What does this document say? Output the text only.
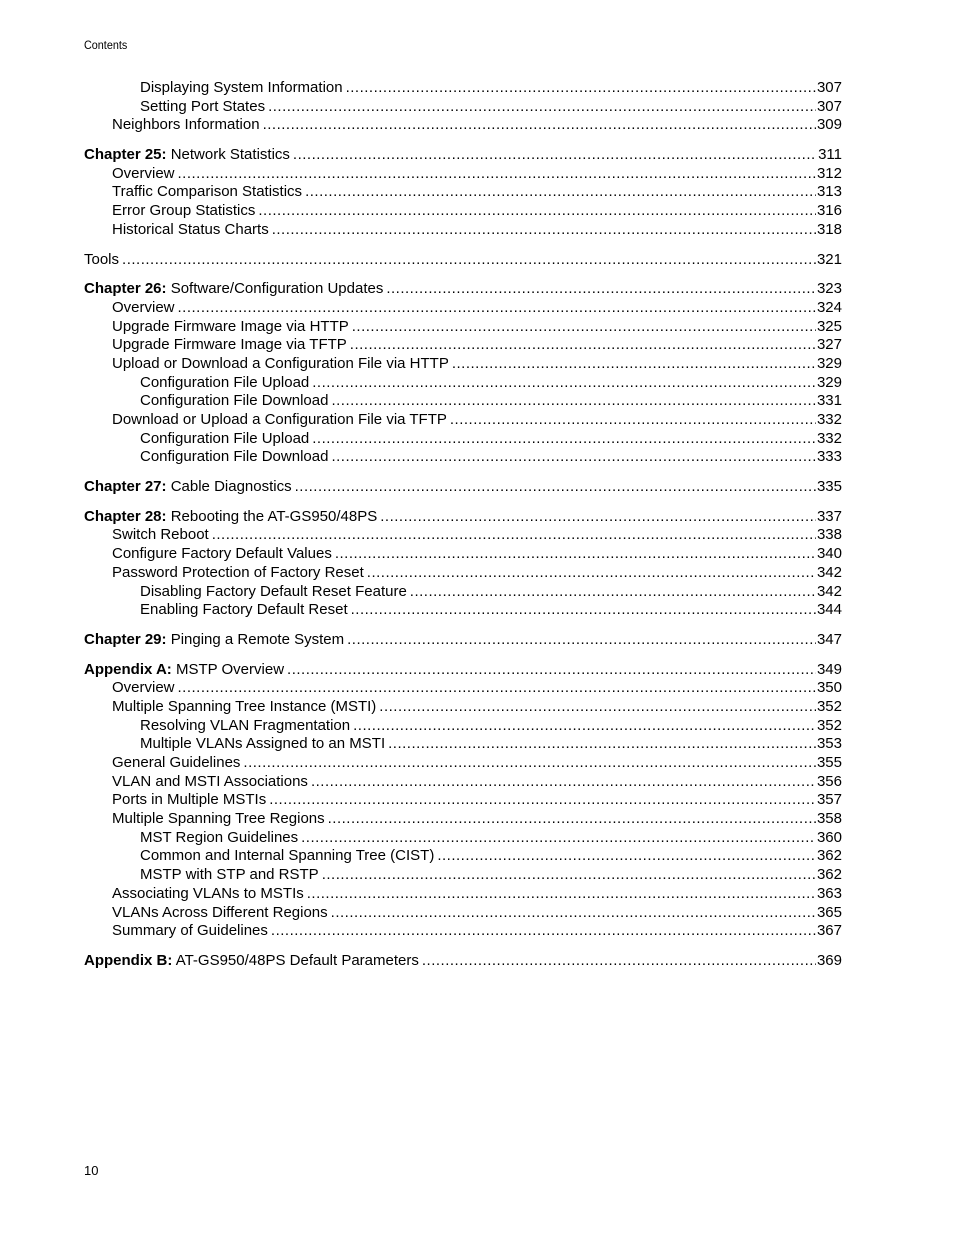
Contents
Displaying System Information .....	307
Setting Port States .....	307
Neighbors Information .....	309
Chapter 25: Network Statistics .....	311
Overview .....	312
Traffic Comparison Statistics .....	313
Error Group Statistics .....	316
Historical Status Charts .....	318
Tools .....	321
Chapter 26: Software/Configuration Updates .....	323
Overview .....	324
Upgrade Firmware Image via HTTP .....	325
Upgrade Firmware Image via TFTP .....	327
Upload or Download a Configuration File via HTTP .....	329
Configuration File Upload .....	329
Configuration File Download .....	331
Download or Upload a Configuration File via TFTP .....	332
Configuration File Upload .....	332
Configuration File Download .....	333
Chapter 27: Cable Diagnostics .....	335
Chapter 28: Rebooting the AT-GS950/48PS .....	337
Switch Reboot .....	338
Configure Factory Default Values .....	340
Password Protection of Factory Reset .....	342
Disabling Factory Default Reset Feature .....	342
Enabling Factory Default Reset .....	344
Chapter 29: Pinging a Remote System .....	347
Appendix A: MSTP Overview .....	349
Overview .....	350
Multiple Spanning Tree Instance (MSTI) .....	352
Resolving VLAN Fragmentation .....	352
Multiple VLANs Assigned to an MSTI .....	353
General Guidelines .....	355
VLAN and MSTI Associations .....	356
Ports in Multiple MSTIs .....	357
Multiple Spanning Tree Regions .....	358
MST Region Guidelines .....	360
Common and Internal Spanning Tree (CIST) .....	362
MSTP with STP and RSTP .....	362
Associating VLANs to MSTIs .....	363
VLANs Across Different Regions .....	365
Summary of Guidelines .....	367
Appendix B: AT-GS950/48PS Default Parameters .....	369
10
